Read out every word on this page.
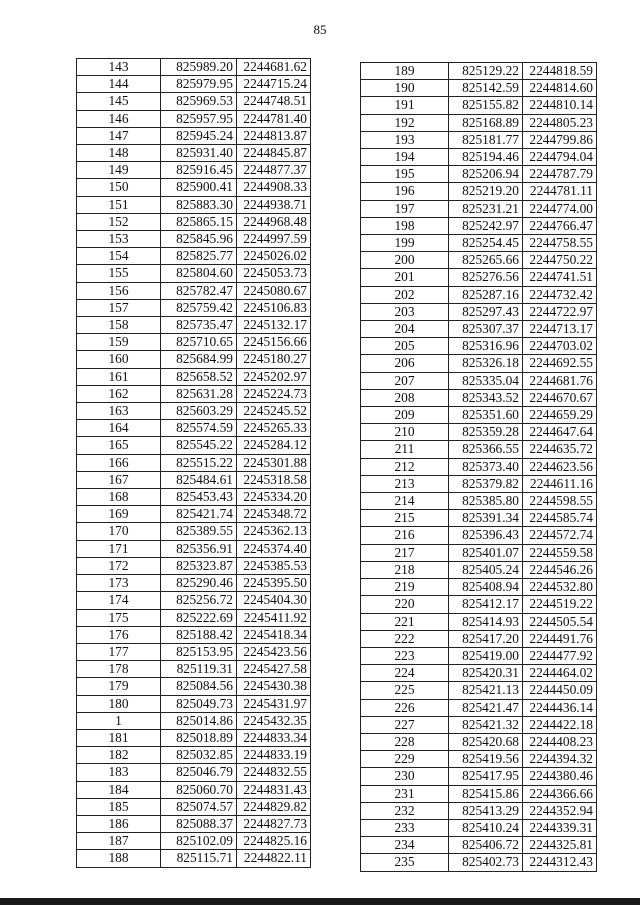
85
143	825989.20	2244681.62
144	825979.95	2244715.24
145	825969.53	2244748.51
146	825957.95	2244781.40
147	825945.24	2244813.87
148	825931.40	2244845.87
149	825916.45	2244877.37
150	825900.41	2244908.33
151	825883.30	2244938.71
152	825865.15	2244968.48
153	825845.96	2244997.59
154	825825.77	2245026.02
155	825804.60	2245053.73
156	825782.47	2245080.67
157	825759.42	2245106.83
158	825735.47	2245132.17
159	825710.65	2245156.66
160	825684.99	2245180.27
161	825658.52	2245202.97
162	825631.28	2245224.73
163	825603.29	2245245.52
164	825574.59	2245265.33
165	825545.22	2245284.12
166	825515.22	2245301.88
167	825484.61	2245318.58
168	825453.43	2245334.20
169	825421.74	2245348.72
170	825389.55	2245362.13
171	825356.91	2245374.40
172	825323.87	2245385.53
173	825290.46	2245395.50
174	825256.72	2245404.30
175	825222.69	2245411.92
176	825188.42	2245418.34
177	825153.95	2245423.56
178	825119.31	2245427.58
179	825084.56	2245430.38
180	825049.73	2245431.97
1	825014.86	2245432.35
181	825018.89	2244833.34
182	825032.85	2244833.19
183	825046.79	2244832.55
184	825060.70	2244831.43
185	825074.57	2244829.82
186	825088.37	2244827.73
187	825102.09	2244825.16
188	825115.71	2244822.11
189	825129.22	2244818.59
190	825142.59	2244814.60
191	825155.82	2244810.14
192	825168.89	2244805.23
193	825181.77	2244799.86
194	825194.46	2244794.04
195	825206.94	2244787.79
196	825219.20	2244781.11
197	825231.21	2244774.00
198	825242.97	2244766.47
199	825254.45	2244758.55
200	825265.66	2244750.22
201	825276.56	2244741.51
202	825287.16	2244732.42
203	825297.43	2244722.97
204	825307.37	2244713.17
205	825316.96	2244703.02
206	825326.18	2244692.55
207	825335.04	2244681.76
208	825343.52	2244670.67
209	825351.60	2244659.29
210	825359.28	2244647.64
211	825366.55	2244635.72
212	825373.40	2244623.56
213	825379.82	2244611.16
214	825385.80	2244598.55
215	825391.34	2244585.74
216	825396.43	2244572.74
217	825401.07	2244559.58
218	825405.24	2244546.26
219	825408.94	2244532.80
220	825412.17	2244519.22
221	825414.93	2244505.54
222	825417.20	2244491.76
223	825419.00	2244477.92
224	825420.31	2244464.02
225	825421.13	2244450.09
226	825421.47	2244436.14
227	825421.32	2244422.18
228	825420.68	2244408.23
229	825419.56	2244394.32
230	825417.95	2244380.46
231	825415.86	2244366.66
232	825413.29	2244352.94
233	825410.24	2244339.31
234	825406.72	2244325.81
235	825402.73	2244312.43
